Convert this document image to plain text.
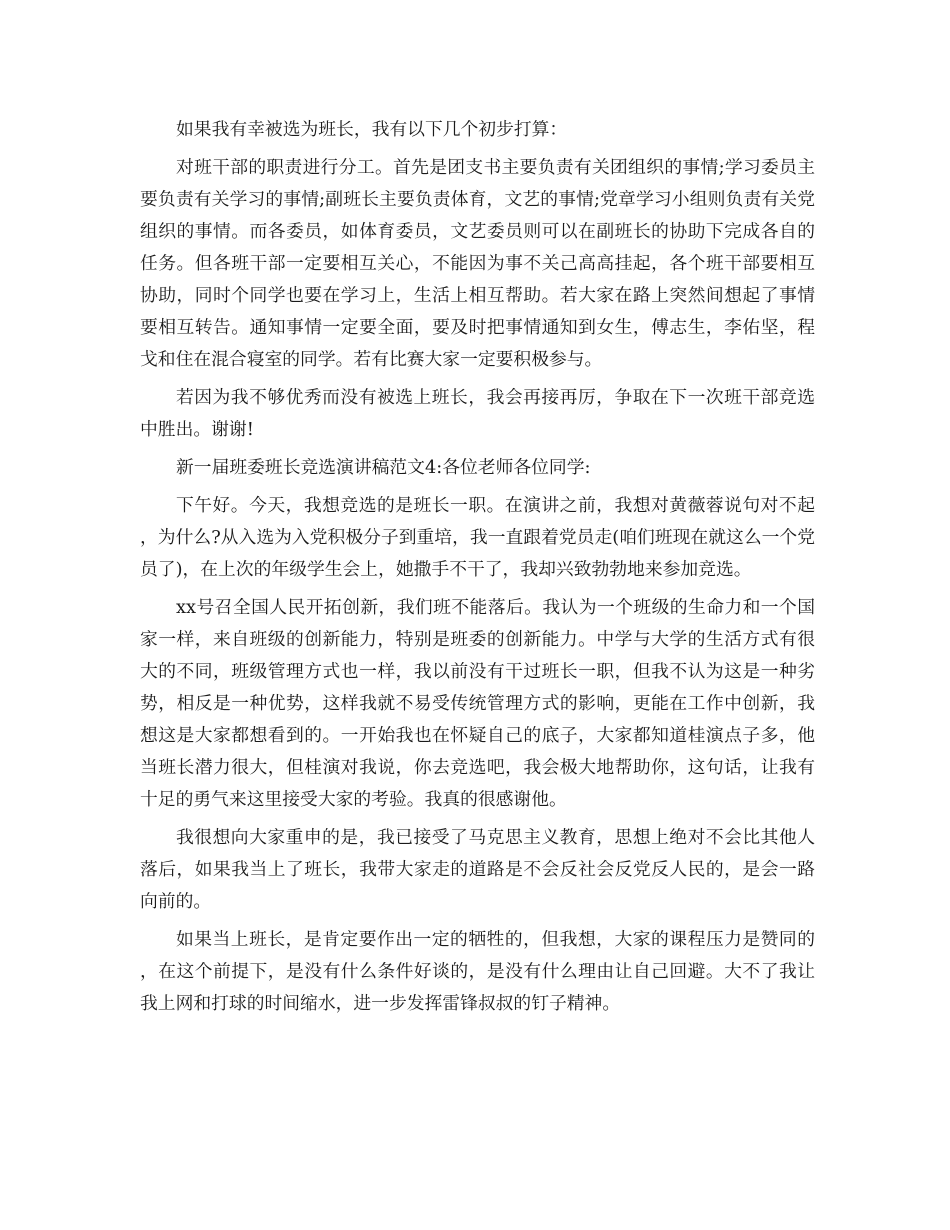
如果我有幸被选为班长，我有以下几个初步打算：

对班干部的职责进行分工。首先是团支书主要负责有关团组织的事情;学习委员主要负责有关学习的事情;副班长主要负责体育，文艺的事情;党章学习小组则负责有关党组织的事情。而各委员，如体育委员，文艺委员则可以在副班长的协助下完成各自的任务。但各班干部一定要相互关心，不能因为事不关己高高挂起，各个班干部要相互协助，同时个同学也要在学习上，生活上相互帮助。若大家在路上突然间想起了事情要相互转告。通知事情一定要全面，要及时把事情通知到女生，傅志生，李佑坚，程戈和住在混合寝室的同学。若有比赛大家一定要积极参与。

若因为我不够优秀而没有被选上班长，我会再接再厉，争取在下一次班干部竞选中胜出。谢谢!

新一届班委班长竞选演讲稿范文4:各位老师各位同学:

下午好。今天，我想竞选的是班长一职。在演讲之前，我想对黄薇蓉说句对不起，为什么?从入选为入党积极分子到重培，我一直跟着党员走(咱们班现在就这么一个党员了)，在上次的年级学生会上，她撒手不干了，我却兴致勃勃地来参加竞选。

xx号召全国人民开拓创新，我们班不能落后。我认为一个班级的生命力和一个国家一样，来自班级的创新能力，特别是班委的创新能力。中学与大学的生活方式有很大的不同，班级管理方式也一样，我以前没有干过班长一职，但我不认为这是一种劣势，相反是一种优势，这样我就不易受传统管理方式的影响，更能在工作中创新，我想这是大家都想看到的。一开始我也在怀疑自己的底子，大家都知道桂演点子多，他当班长潜力很大，但桂演对我说，你去竞选吧，我会极大地帮助你，这句话，让我有十足的勇气来这里接受大家的考验。我真的很感谢他。

我很想向大家重申的是，我已接受了马克思主义教育，思想上绝对不会比其他人落后，如果我当上了班长，我带大家走的道路是不会反社会反党反人民的，是会一路向前的。

如果当上班长，是肯定要作出一定的牺牲的，但我想，大家的课程压力是赞同的，在这个前提下，是没有什么条件好谈的，是没有什么理由让自己回避。大不了我让我上网和打球的时间缩水，进一步发挥雷锋叔叔的钉子精神。
